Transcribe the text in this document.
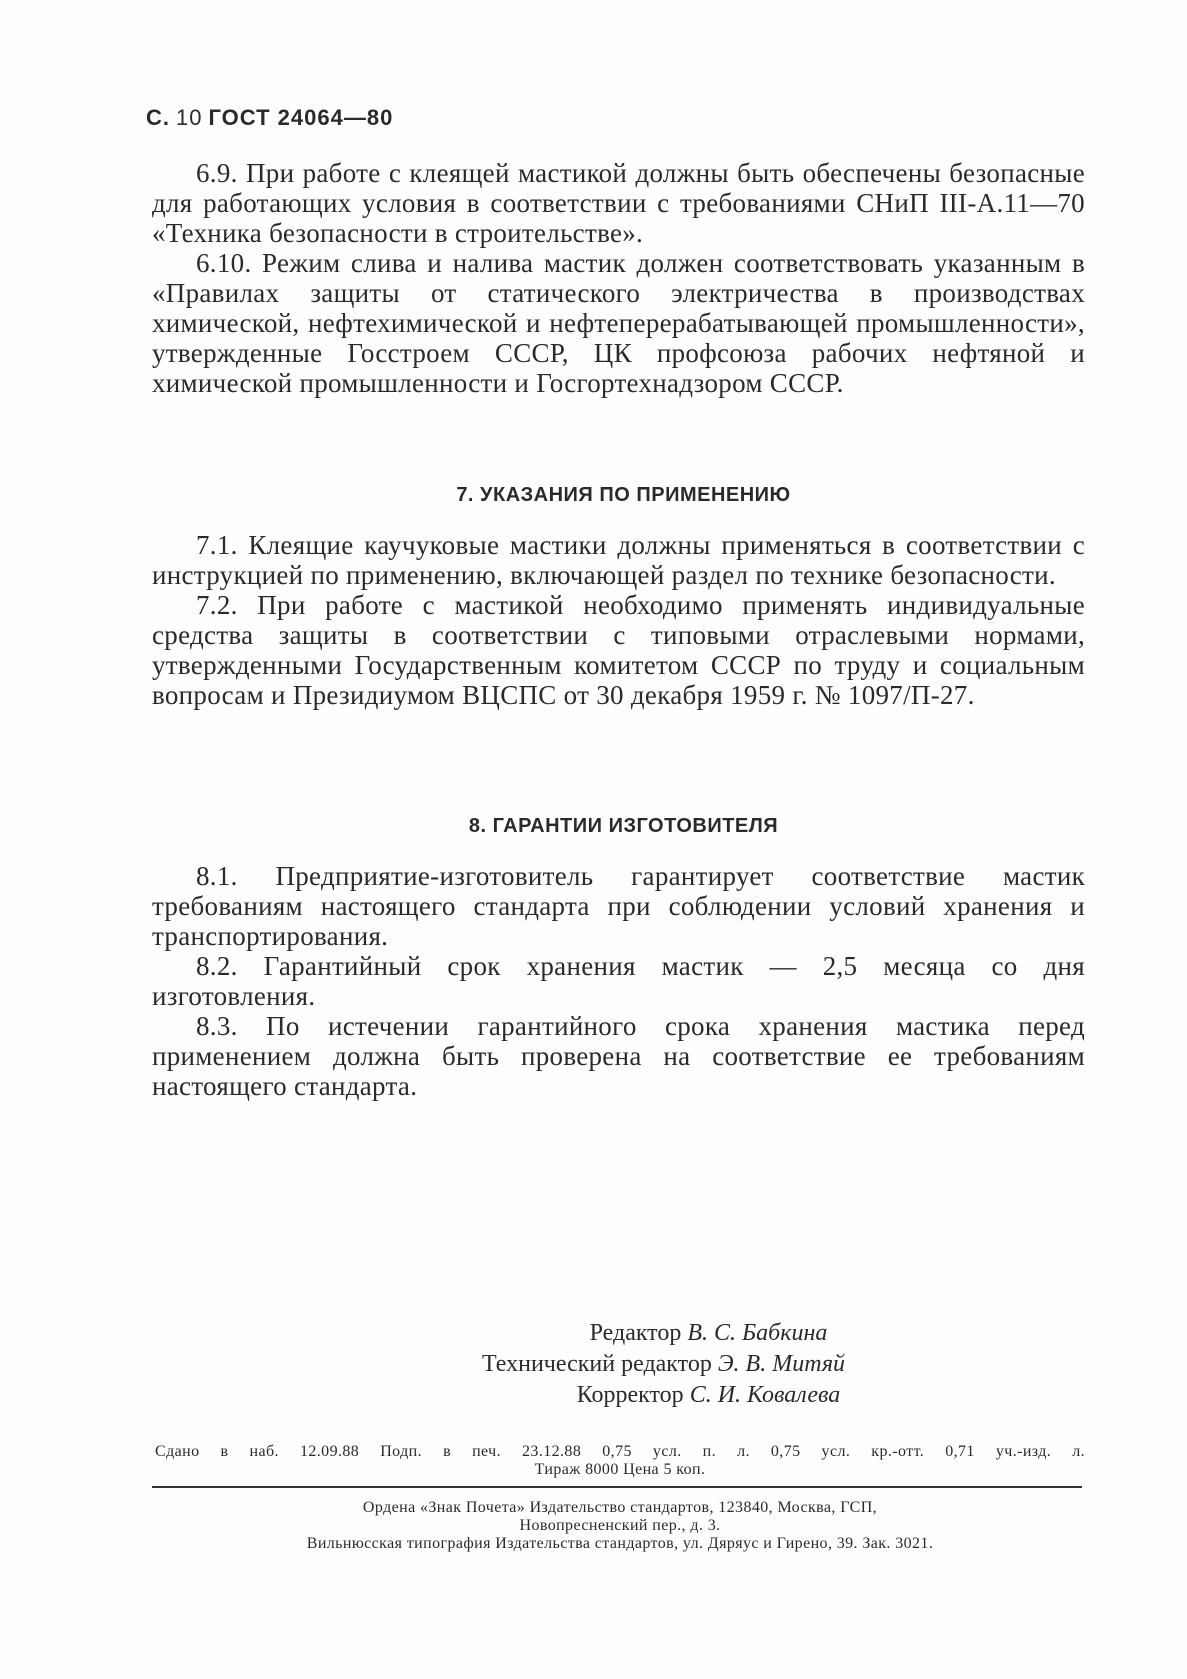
С. 10 ГОСТ 24064—80

6.9. При работе с клеящей мастикой должны быть обеспечены безопасные для работающих условия в соответствии с требованиями СНиП III-А.11—70 «Техника безопасности в строительстве».

6.10. Режим слива и налива мастик должен соответствовать указанным в «Правилах защиты от статического электричества в производствах химической, нефтехимической и нефтеперерабатывающей промышленности», утвержденные Госстроем СССР, ЦК профсоюза рабочих нефтяной и химической промышленности и Госгортехнадзором СССР.

7. УКАЗАНИЯ ПО ПРИМЕНЕНИЮ

7.1. Клеящие каучуковые мастики должны применяться в соответствии с инструкцией по применению, включающей раздел по технике безопасности.

7.2. При работе с мастикой необходимо применять индивидуальные средства защиты в соответствии с типовыми отраслевыми нормами, утвержденными Государственным комитетом СССР по труду и социальным вопросам и Президиумом ВЦСПС от 30 декабря 1959 г. № 1097/П-27.

8. ГАРАНТИИ ИЗГОТОВИТЕЛЯ

8.1. Предприятие-изготовитель гарантирует соответствие мастик требованиям настоящего стандарта при соблюдении условий хранения и транспортирования.

8.2. Гарантийный срок хранения мастик — 2,5 месяца со дня изготовления.

8.3. По истечении гарантийного срока хранения мастика перед применением должна быть проверена на соответствие ее требованиям настоящего стандарта.

Редактор В. С. Бабкина
Технический редактор Э. В. Митяй
Корректор С. И. Ковалева
Сдано в наб. 12.09.88 Подп. в печ. 23.12.88 0,75 усл. п. л. 0,75 усл. кр.-отт. 0,71 уч.-изд. л.
Тираж 8000 Цена 5 коп.
Ордена «Знак Почета» Издательство стандартов, 123840, Москва, ГСП,
Новопресненский пер., д. 3.
Вильнюсская типография Издательства стандартов, ул. Дяряус и Гирено, 39. Зак. 3021.
